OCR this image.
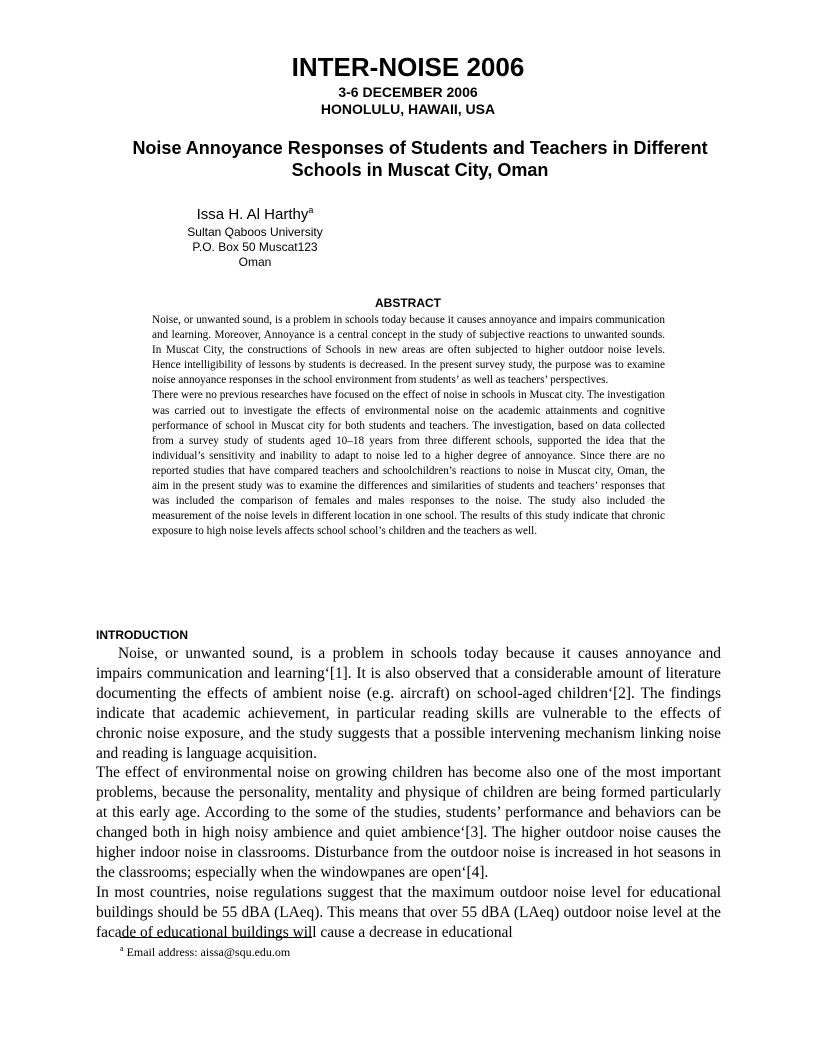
INTER-NOISE 2006
3-6 DECEMBER 2006
HONOLULU, HAWAII, USA
Noise Annoyance Responses of Students and Teachers in Different Schools in Muscat City, Oman
Issa H. Al Harthy$^a$
Sultan Qaboos University
P.O. Box 50 Muscat123
Oman
ABSTRACT

Noise, or unwanted sound, is a problem in schools today because it causes annoyance and impairs communication and learning. Moreover, Annoyance is a central concept in the study of subjective reactions to unwanted sounds. In Muscat City, the constructions of Schools in new areas are often subjected to higher outdoor noise levels. Hence intelligibility of lessons by students is decreased. In the present survey study, the purpose was to examine noise annoyance responses in the school environment from students’ as well as teachers’ perspectives.

There were no previous researches have focused on the effect of noise in schools in Muscat city. The investigation was carried out to investigate the effects of environmental noise on the academic attainments and cognitive performance of school in Muscat city for both students and teachers. The investigation, based on data collected from a survey study of students aged 10–18 years from three different schools, supported the idea that the individual’s sensitivity and inability to adapt to noise led to a higher degree of annoyance. Since there are no reported studies that have compared teachers and schoolchildren’s reactions to noise in Muscat city, Oman, the aim in the present study was to examine the differences and similarities of students and teachers’ responses that was included the comparison of females and males responses to the noise. The study also included the measurement of the noise levels in different location in one school. The results of this study indicate that chronic exposure to high noise levels affects school school’s children and the teachers as well.

INTRODUCTION

Noise, or unwanted sound, is a problem in schools today because it causes annoyance and impairs communication and learning‘[1]. It is also observed that a considerable amount of literature documenting the effects of ambient noise (e.g. aircraft) on school-aged children‘[2]. The findings indicate that academic achievement, in particular reading skills are vulnerable to the effects of chronic noise exposure, and the study suggests that a possible intervening mechanism linking noise and reading is language acquisition.

The effect of environmental noise on growing children has become also one of the most important problems, because the personality, mentality and physique of children are being formed particularly at this early age. According to the some of the studies, students’ performance and behaviors can be changed both in high noisy ambience and quiet ambience‘[3]. The higher outdoor noise causes the higher indoor noise in classrooms. Disturbance from the outdoor noise is increased in hot seasons in the classrooms; especially when the windowpanes are open‘[4].

In most countries, noise regulations suggest that the maximum outdoor noise level for educational buildings should be 55 dBA (LAeq). This means that over 55 dBA (LAeq) outdoor noise level at the facade of educational buildings will cause a decrease in educational

$^a$ Email address: aissa@squ.edu.om
